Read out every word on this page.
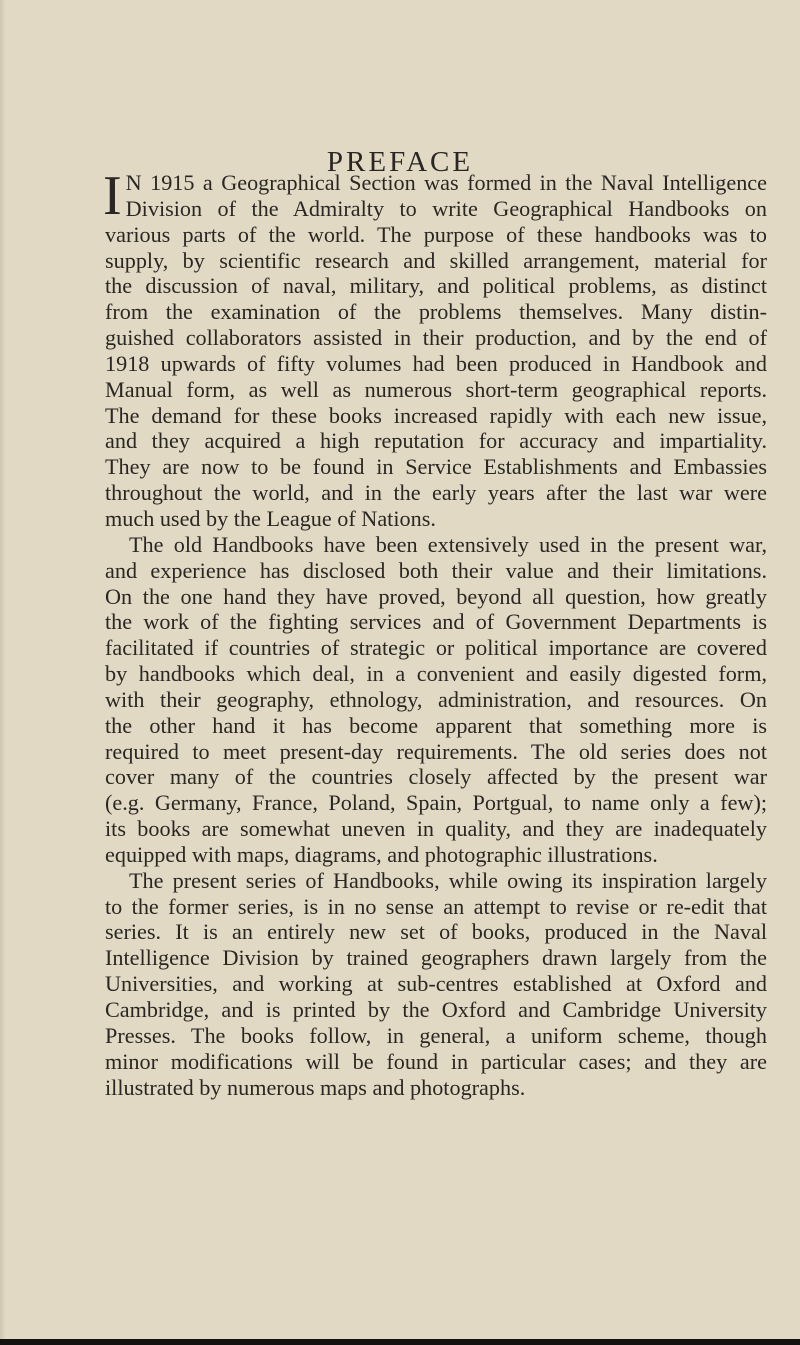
PREFACE
I N 1915 a Geographical Section was formed in the Naval Intelligence
Division of the Admiralty to write Geographical Handbooks on
various parts of the world. The purpose of these handbooks was to
supply, by scientific research and skilled arrangement, material for
the discussion of naval, military, and political problems, as distinct
from the examination of the problems themselves. Many distin-
guished collaborators assisted in their production, and by the end of
1918 upwards of fifty volumes had been produced in Handbook and
Manual form, as well as numerous short-term geographical reports.
The demand for these books increased rapidly with each new issue,
and they acquired a high reputation for accuracy and impartiality.
They are now to be found in Service Establishments and Embassies
throughout the world, and in the early years after the last war were
much used by the League of Nations.
The old Handbooks have been extensively used in the present war,
and experience has disclosed both their value and their limitations.
On the one hand they have proved, beyond all question, how greatly
the work of the fighting services and of Government Departments is
facilitated if countries of strategic or political importance are covered
by handbooks which deal, in a convenient and easily digested form,
with their geography, ethnology, administration, and resources. On
the other hand it has become apparent that something more is
required to meet present-day requirements. The old series does not
cover many of the countries closely affected by the present war
(e.g. Germany, France, Poland, Spain, Portgual, to name only a few);
its books are somewhat uneven in quality, and they are inadequately
equipped with maps, diagrams, and photographic illustrations.
The present series of Handbooks, while owing its inspiration largely
to the former series, is in no sense an attempt to revise or re-edit that
series. It is an entirely new set of books, produced in the Naval
Intelligence Division by trained geographers drawn largely from the
Universities, and working at sub-centres established at Oxford and
Cambridge, and is printed by the Oxford and Cambridge University
Presses. The books follow, in general, a uniform scheme, though
minor modifications will be found in particular cases; and they are
illustrated by numerous maps and photographs.
